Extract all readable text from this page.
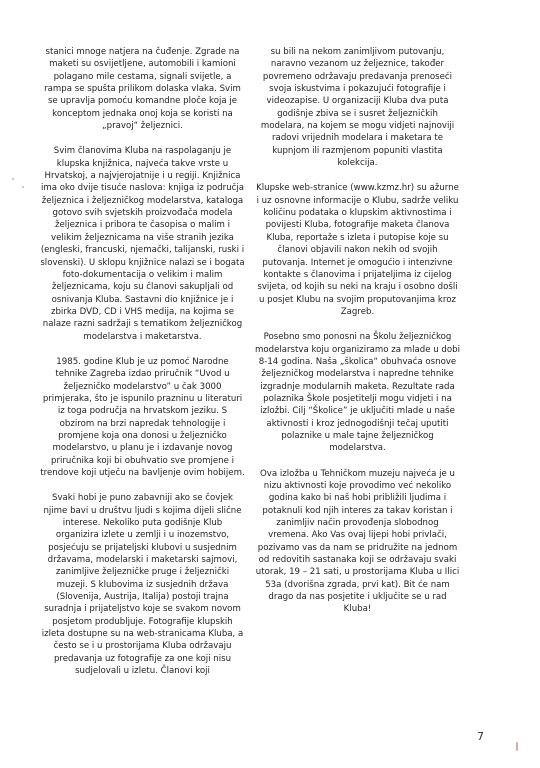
stanici mnoge natjera na čuđenje. Zgrade na maketi su osvijetljene, automobili i kamioni polagano mile cestama, signali svijetle, a rampa se spušta prilikom dolaska vlaka. Svim se upravlja pomoću komandne ploče koja je konceptom jednaka onoj koja se koristi na „pravoj“ željeznici.

Svim članovima Kluba na raspolaganju je klupska knjižnica, najveća takve vrste u Hrvatskoj, a najvjerojatnije i u regiji. Knjižnica ima oko dvije tisuće naslova: knjiga iz područja željeznica i željezničkog modelarstva, kataloga gotovo svih svjetskih proizvođača modela željeznica i pribora te časopisa o malim i velikim željeznicama na više stranih jezika (engleski, francuski, njemački, talijanski, ruski i slovenski). U sklopu knjižnice nalazi se i bogata foto-dokumentacija o velikim i malim željeznicama, koju su članovi sakupljali od osnivanja Kluba. Sastavni dio knjižnice je i zbirka DVD, CD i VHS medija, na kojima se nalaze razni sadržaji s tematikom željezničkog modelarstva i maketarstva.

1985. godine Klub je uz pomoć Narodne tehnike Zagreba izdao priručnik “Uvod u željezničko modelarstvo” u čak 3000 primjeraka, što je ispunilo prazninu u literaturi iz toga područja na hrvatskom jeziku. S obzirom na brzi napredak tehnologije i promjene koja ona donosi u željezničko modelarstvo, u planu je i izdavanje novog priručnika koji bi obuhvatio sve promjene i trendove koji utječu na bavljenje ovim hobijem.

Svaki hobi je puno zabavniji ako se čovjek njime bavi u društvu ljudi s kojima dijeli slične interese. Nekoliko puta godišnje Klub organizira izlete u zemlji i u inozemstvo, posjećuju se prijateljski klubovi u susjednim državama, modelarski i maketarski sajmovi, zanimljive željezničke pruge i željeznički muzeji. S klubovima iz susjednih država (Slovenija, Austrija, Italija) postoji trajna suradnja i prijateljstvo koje se svakom novom posjetom produbljuje. Fotografije klupskih izleta dostupne su na web-stranicama Kluba, a često se i u prostorijama Kluba održavaju predavanja uz fotografije za one koji nisu sudjelovali u izletu. Članovi koji

su bili na nekom zanimljivom putovanju, naravno vezanom uz željeznice, također povremeno održavaju predavanja prenoseći svoja iskustvima i pokazujući fotografije i videozapise. U organizaciji Kluba dva puta godišnje zbiva se i susret željezničkih modelara, na kojem se mogu vidjeti najnoviji radovi vrijednih modelara i maketara te kupnjom ili razmjenom popuniti vlastita kolekcija.

Klupske web-stranice (www.kzmz.hr) su ažurne i uz osnovne informacije o Klubu, sadrže veliku količinu podataka o klupskim aktivnostima i povijesti Kluba, fotografije maketa članova Kluba, reportaže s izleta i putopise koje su članovi objavili nakon nekih od svojih putovanja. Internet je omogućio i intenzivne kontakte s članovima i prijateljima iz cijelog svijeta, od kojih su neki na kraju i osobno došli u posjet Klubu na svojim proputovanjima kroz Zagreb.

Posebno smo ponosni na Školu željezničkog modelarstva koju organiziramo za mlade u dobi 8-14 godina. Naša „školica“ obuhvaća osnove željezničkog modelarstva i napredne tehnike izgradnje modularnih maketa. Rezultate rada polaznika Škole posjetitelji mogu vidjeti i na izložbi. Cilj “Školice” je uključiti mlade u naše aktivnosti i kroz jednogodišnji tečaj uputiti polaznike u male tajne željezničkog modelarstva.

Ova izložba u Tehničkom muzeju najveća je u nizu aktivnosti koje provodimo već nekoliko godina kako bi naš hobi približili ljudima i potaknuli kod njih interes za takav koristan i zanimljiv način provođenja slobodnog vremena. Ako Vas ovaj lijepi hobi privlači, pozivamo vas da nam se pridružite na jednom od redovitih sastanaka koji se održavaju svaki utorak, 19 – 21 sati, u prostorijama Kluba u Ilici 53a (dvorišna zgrada, prvi kat). Bit će nam drago da nas posjetite i uključite se u rad Kluba!

7
